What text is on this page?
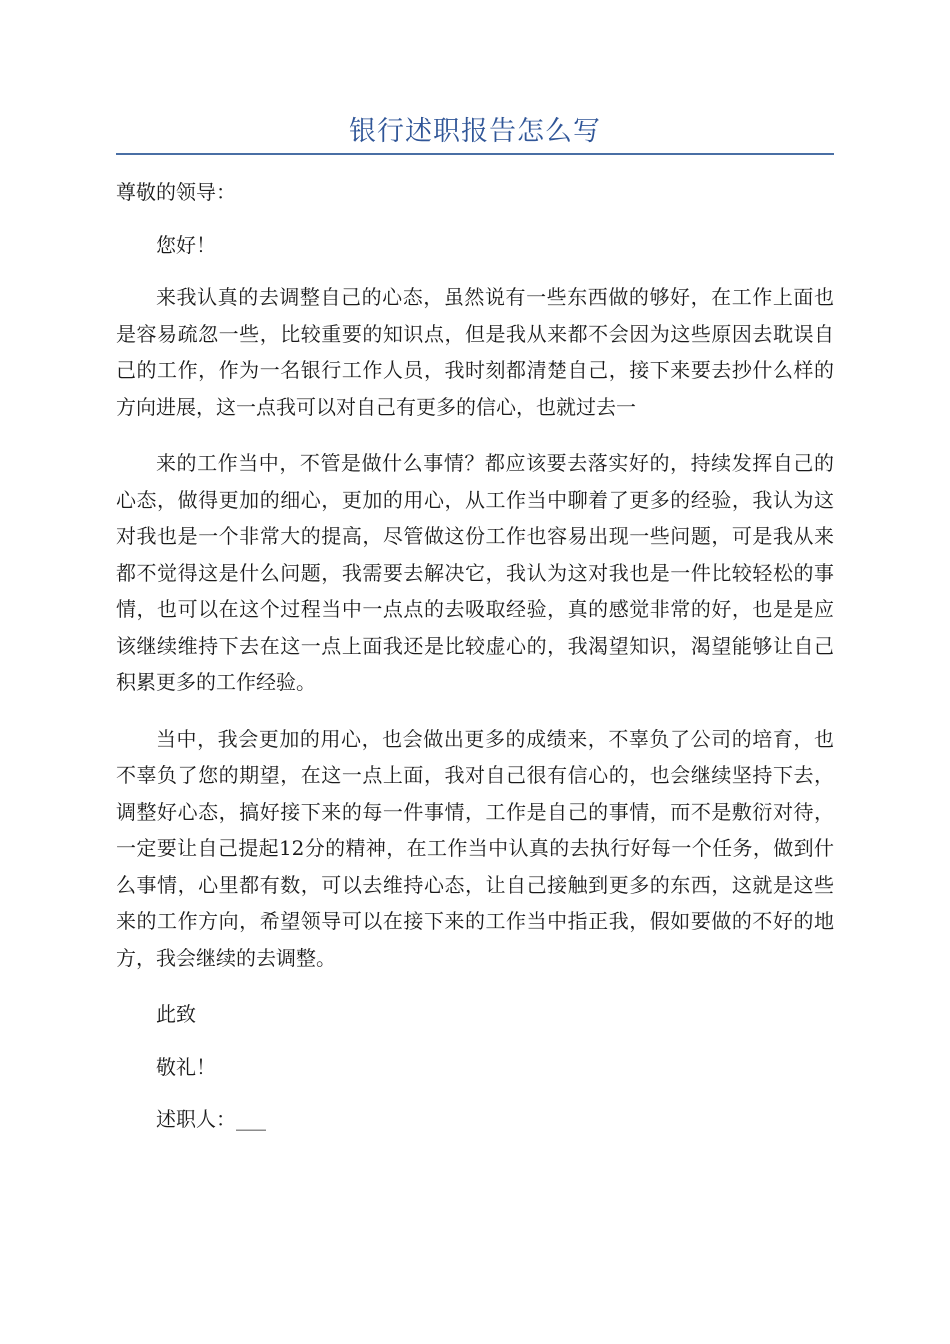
银行述职报告怎么写

尊敬的领导：

您好！

来我认真的去调整自己的心态，虽然说有一些东西做的够好，在工作上面也是容易疏忽一些，比较重要的知识点，但是我从来都不会因为这些原因去耽误自己的工作，作为一名银行工作人员，我时刻都清楚自己，接下来要去抄什么样的方向进展，这一点我可以对自己有更多的信心，也就过去一

来的工作当中，不管是做什么事情？都应该要去落实好的，持续发挥自己的心态，做得更加的细心，更加的用心，从工作当中聊着了更多的经验，我认为这对我也是一个非常大的提高，尽管做这份工作也容易出现一些问题，可是我从来都不觉得这是什么问题，我需要去解决它，我认为这对我也是一件比较轻松的事情，也可以在这个过程当中一点点的去吸取经验，真的感觉非常的好，也是是应该继续维持下去在这一点上面我还是比较虚心的，我渴望知识，渴望能够让自己积累更多的工作经验。

当中，我会更加的用心，也会做出更多的成绩来，不辜负了公司的培育，也不辜负了您的期望，在这一点上面，我对自己很有信心的，也会继续坚持下去，调整好心态，搞好接下来的每一件事情，工作是自己的事情，而不是敷衍对待，一定要让自己提起12分的精神，在工作当中认真的去执行好每一个任务，做到什么事情，心里都有数，可以去维持心态，让自己接触到更多的东西，这就是这些来的工作方向，希望领导可以在接下来的工作当中指正我，假如要做的不好的地方，我会继续的去调整。

此致

敬礼！

述职人：___
